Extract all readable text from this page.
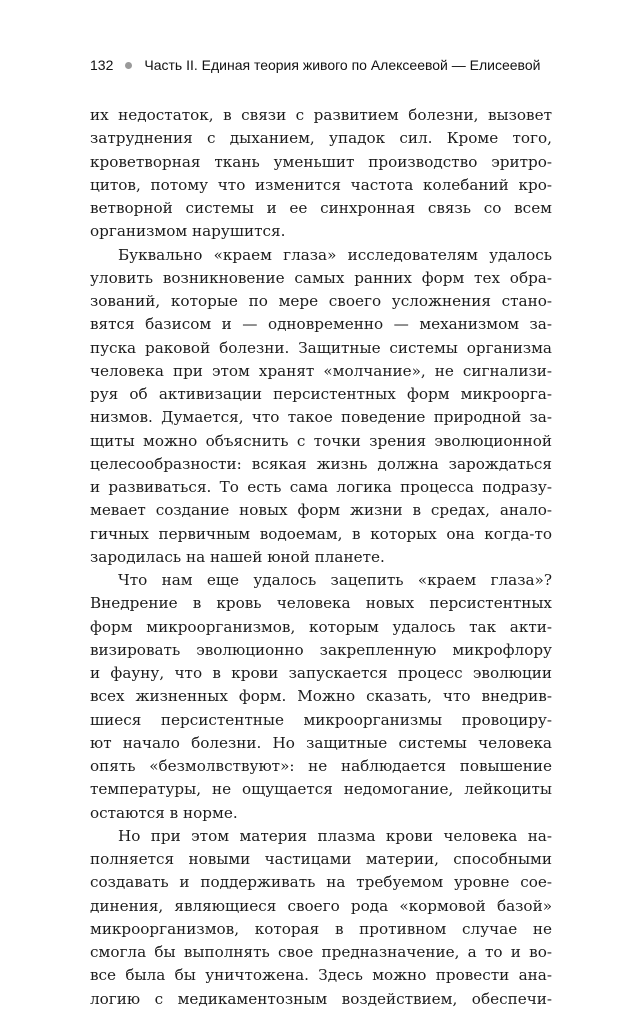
132 Часть II. Единая теория живого по Алексеевой — Елисеевой
их недостаток, в связи с развитием болезни, вызовет
затруднения с дыханием, упадок сил. Кроме того,
кроветворная ткань уменьшит производство эритро-
цитов, потому что изменится частота колебаний кро-
ветворной системы и ее синхронная связь со всем
организмом нарушится.
Буквально «краем глаза» исследователям удалось
уловить возникновение самых ранних форм тех обра-
зований, которые по мере своего усложнения стано-
вятся базисом и — одновременно — механизмом за-
пуска раковой болезни. Защитные системы организма
человека при этом хранят «молчание», не сигнализи-
руя об активизации персистентных форм микроорга-
низмов. Думается, что такое поведение природной за-
щиты можно объяснить с точки зрения эволюционной
целесообразности: всякая жизнь должна зарождаться
и развиваться. То есть сама логика процесса подразу-
мевает создание новых форм жизни в средах, анало-
гичных первичным водоемам, в которых она когда-то
зародилась на нашей юной планете.
Что нам еще удалось зацепить «краем глаза»?
Внедрение в кровь человека новых персистентных
форм микроорганизмов, которым удалось так акти-
визировать эволюционно закрепленную микрофлору
и фауну, что в крови запускается процесс эволюции
всех жизненных форм. Можно сказать, что внедрив-
шиеся персистентные микроорганизмы провоциру-
ют начало болезни. Но защитные системы человека
опять «безмолвствуют»: не наблюдается повышение
температуры, не ощущается недомогание, лейкоциты
остаются в норме.
Но при этом материя плазма крови человека на-
полняется новыми частицами материи, способными
создавать и поддерживать на требуемом уровне сое-
динения, являющиеся своего рода «кормовой базой»
микроорганизмов, которая в противном случае не
смогла бы выполнять свое предназначение, а то и во-
все была бы уничтожена. Здесь можно провести ана-
логию с медикаментозным воздействием, обеспечи-
